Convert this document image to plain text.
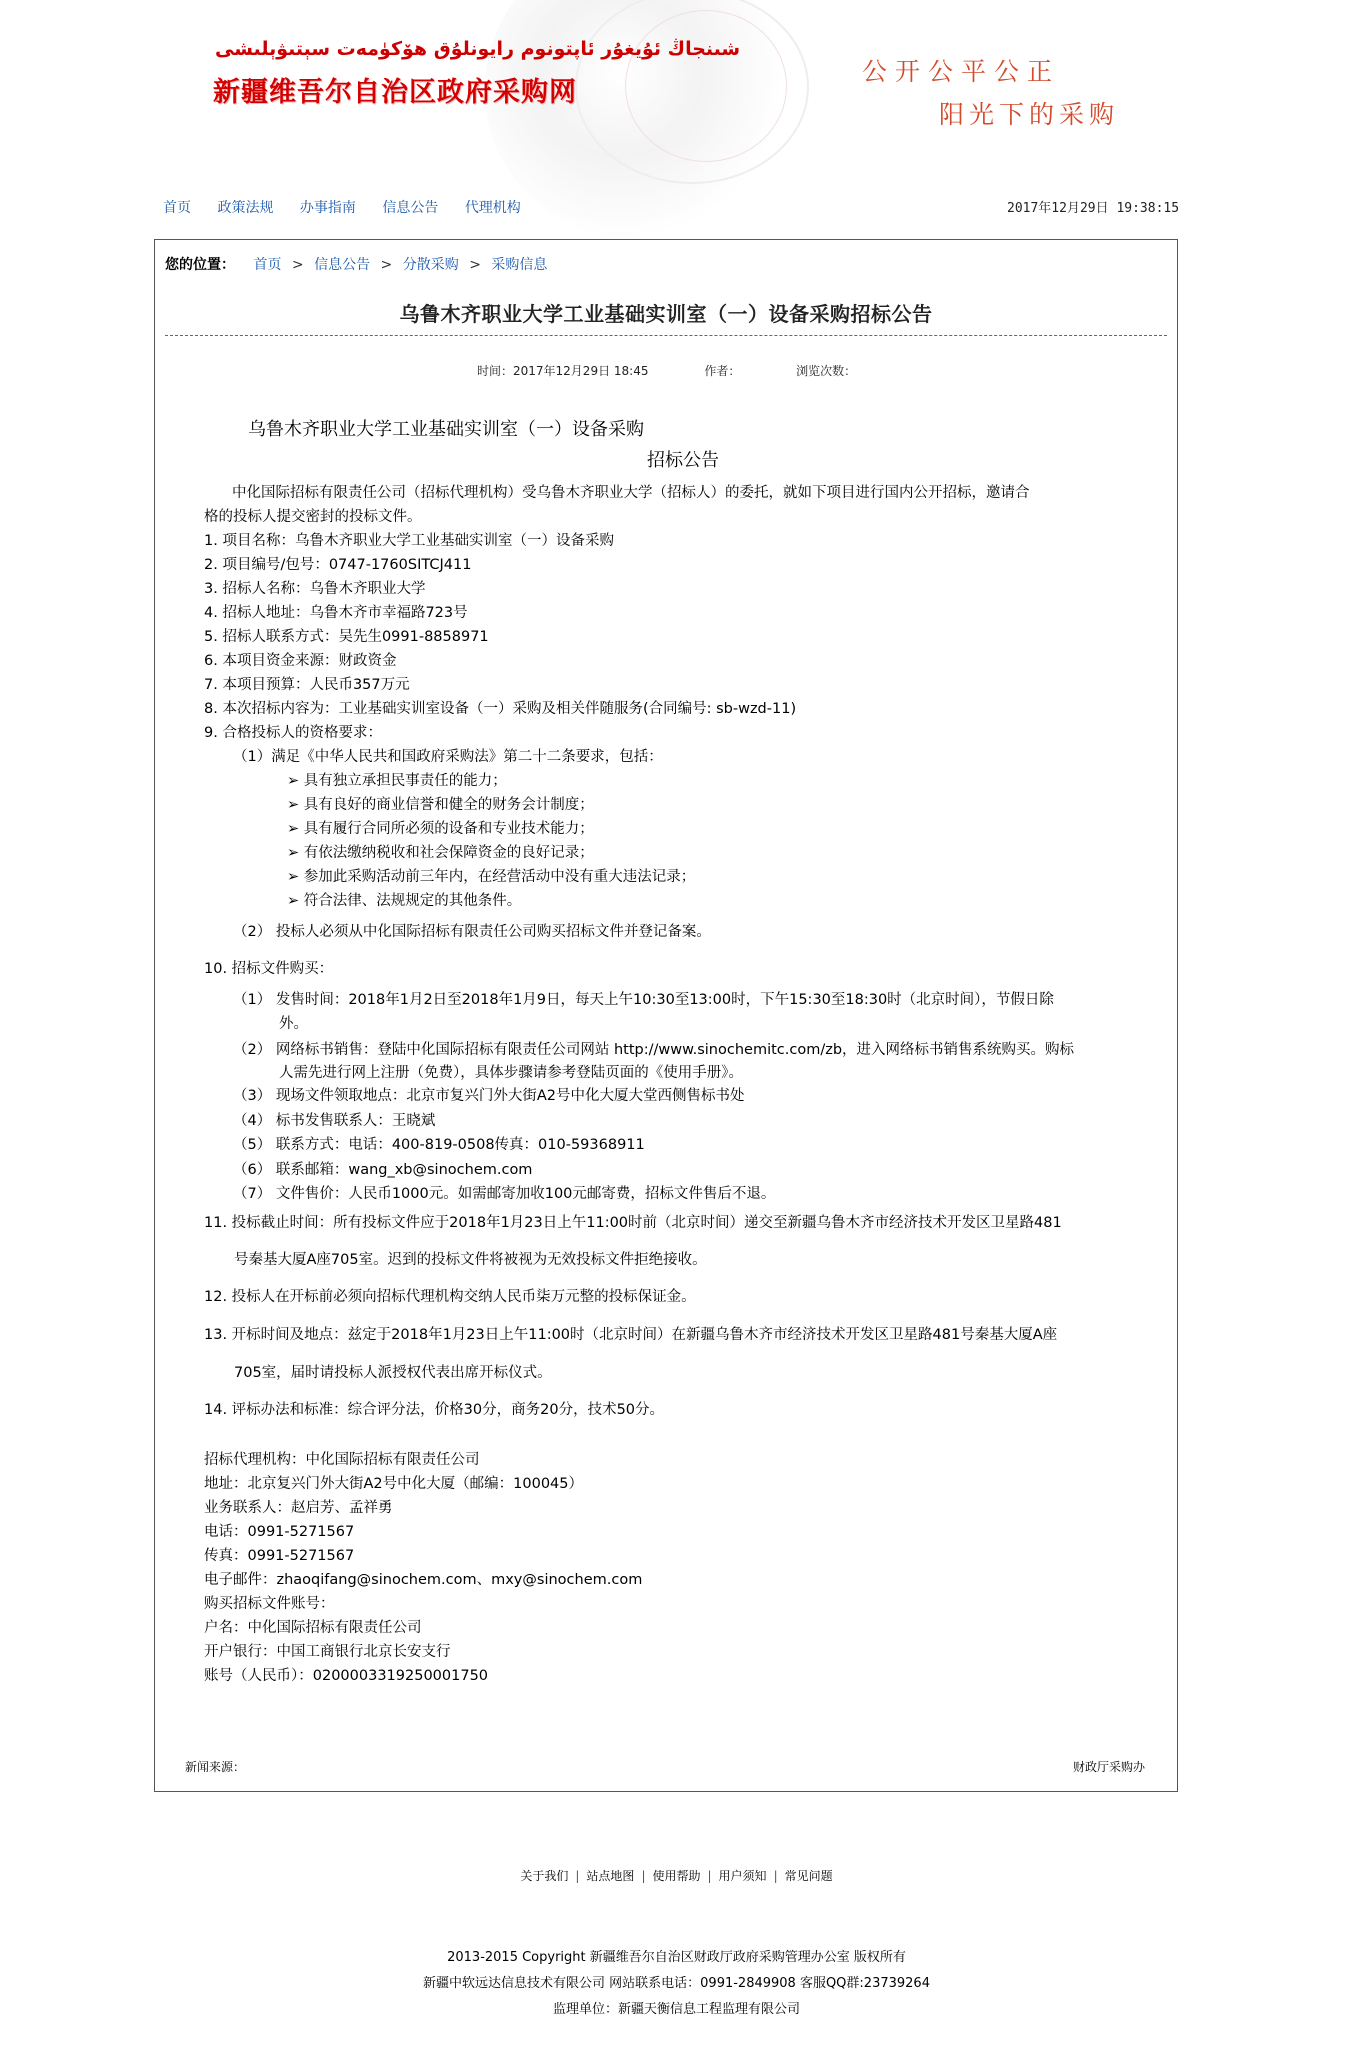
شىنجاڭ ئۇيغۇر ئاپتونوم رايونلۇق ھۆكۈمەت سېتىۋېلىشى
新疆维吾尔自治区政府采购网
公开公平公正
阳光下的采购
首页 政策法规 办事指南 信息公告 代理机构	2017年12月29日 19:38:15
您的位置： 首页 > 信息公告 > 分散采购 > 采购信息
乌鲁木齐职业大学工业基础实训室（一）设备采购招标公告
时间：2017年12月29日 18:45	作者：	浏览次数：

乌鲁木齐职业大学工业基础实训室（一）设备采购

招标公告

中化国际招标有限责任公司（招标代理机构）受乌鲁木齐职业大学（招标人）的委托，就如下项目进行国内公开招标，邀请合

格的投标人提交密封的投标文件。

1. 项目名称：乌鲁木齐职业大学工业基础实训室（一）设备采购

2. 项目编号/包号：0747-1760SITCJ411

3. 招标人名称：乌鲁木齐职业大学

4. 招标人地址：乌鲁木齐市幸福路723号

5. 招标人联系方式：吴先生0991-8858971

6. 本项目资金来源：财政资金

7. 本项目预算：人民币357万元

8. 本次招标内容为：工业基础实训室设备（一）采购及相关伴随服务(合同编号: sb-wzd-11)

9. 合格投标人的资格要求：

（1）满足《中华人民共和国政府采购法》第二十二条要求，包括：

➢ 具有独立承担民事责任的能力；

➢ 具有良好的商业信誉和健全的财务会计制度；

➢ 具有履行合同所必须的设备和专业技术能力；

➢ 有依法缴纳税收和社会保障资金的良好记录；

➢ 参加此采购活动前三年内，在经营活动中没有重大违法记录；

➢ 符合法律、法规规定的其他条件。

（2） 投标人必须从中化国际招标有限责任公司购买招标文件并登记备案。

10. 招标文件购买：

（1） 发售时间：2018年1月2日至2018年1月9日，每天上午10:30至13:00时，下午15:30至18:30时（北京时间），节假日除

外。

（2） 网络标书销售：登陆中化国际招标有限责任公司网站 http://www.sinochemitc.com/zb，进入网络标书销售系统购买。购标

人需先进行网上注册（免费），具体步骤请参考登陆页面的《使用手册》。

（3） 现场文件领取地点：北京市复兴门外大街A2号中化大厦大堂西侧售标书处

（4） 标书发售联系人：王晓斌

（5） 联系方式：电话：400-819-0508传真：010-59368911

（6） 联系邮箱：wang_xb@sinochem.com

（7） 文件售价：人民币1000元。如需邮寄加收100元邮寄费，招标文件售后不退。

11. 投标截止时间：所有投标文件应于2018年1月23日上午11:00时前（北京时间）递交至新疆乌鲁木齐市经济技术开发区卫星路481

号秦基大厦A座705室。迟到的投标文件将被视为无效投标文件拒绝接收。

12. 投标人在开标前必须向招标代理机构交纳人民币柒万元整的投标保证金。

13. 开标时间及地点：兹定于2018年1月23日上午11:00时（北京时间）在新疆乌鲁木齐市经济技术开发区卫星路481号秦基大厦A座

705室，届时请投标人派授权代表出席开标仪式。

14. 评标办法和标准：综合评分法，价格30分，商务20分，技术50分。

招标代理机构：中化国际招标有限责任公司

地址：北京复兴门外大街A2号中化大厦（邮编：100045）

业务联系人：赵启芳、孟祥勇

电话：0991-5271567

传真：0991-5271567

电子邮件：zhaoqifang@sinochem.com、mxy@sinochem.com

购买招标文件账号：

户名：中化国际招标有限责任公司

开户银行：中国工商银行北京长安支行

账号（人民币）：0200003319250001750

新闻来源：	财政厅采购办
关于我们 | 站点地图 | 使用帮助 | 用户须知 | 常见问题
2013-2015 Copyright 新疆维吾尔自治区财政厅政府采购管理办公室 版权所有
新疆中软远达信息技术有限公司 网站联系电话：0991-2849908 客服QQ群:23739264
监理单位：新疆天衡信息工程监理有限公司
